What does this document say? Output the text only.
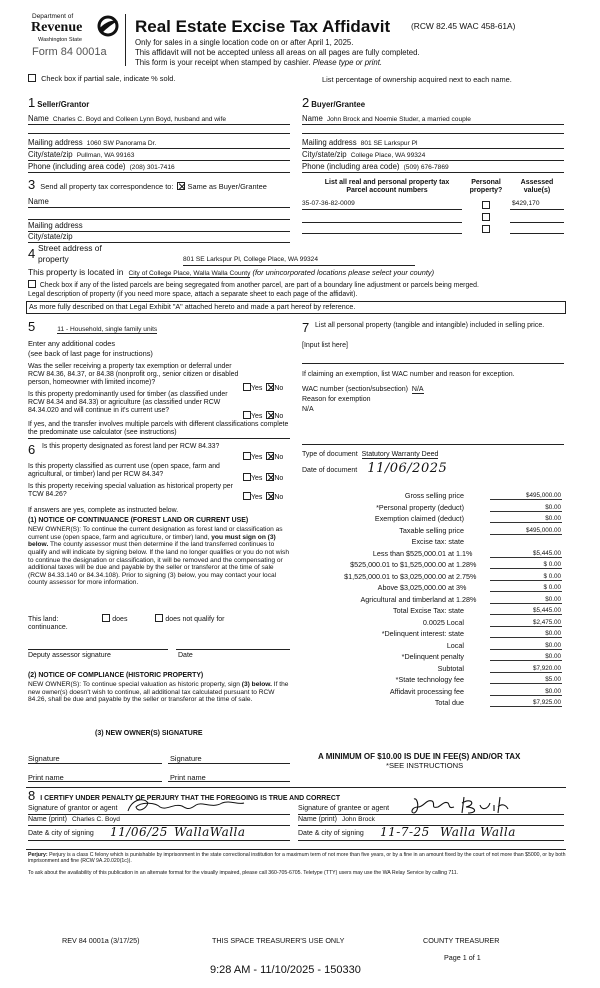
Department of
Revenue
Washington State
Form 84 0001a
Real Estate Excise Tax Affidavit (RCW 82.45 WAC 458-61A)
Only for sales in a single location code on or after April 1, 2025.
This affidavit will not be accepted unless all areas on all pages are fully completed.
This form is your receipt when stamped by cashier. Please type or print.
Check box if partial sale, indicate % sold.	List percentage of ownership acquired next to each name.
1 Seller/Grantor
Name Charles C. Boyd and Colleen Lynn Boyd, husband and wife
Mailing address 1060 SW Panorama Dr.
City/state/zip Pullman, WA 99163
Phone (including area code) (208) 301-7416
2 Buyer/Grantee
Name John Brock and Noemie Studer, a married couple
Mailing address 801 SE Larkspur Pl
City/state/zip College Place, WA 99324
Phone (including area code) (509) 676-7869
3 Send all property tax correspondence to: Same as Buyer/Grantee
Name
Mailing address
City/state/zip
List all real and personal property tax
Parcel account numbers
Personal
property?
Assessed
value(s)
35-07-36-82-0009	$429,170
4 Street address of
property	801 SE Larkspur Pl, College Place, WA 99324
This property is located in City of College Place, Walla Walla County (for unincorporated locations please select your county)
Check box if any of the listed parcels are being segregated from another parcel, are part of a boundary line adjustment or parcels being merged.
Legal description of property (if you need more space, attach a separate sheet to each page of the affidavit).
As more fully described on that Legal Exhibit "A" attached hereto and made a part hereof by reference.
5	11 - Household, single family units
Enter any additional codes
(see back of last page for instructions)
Was the seller receiving a property tax exemption or deferral under RCW 84.36, 84.37, or 84.38 (nonprofit org., senior citizen or disabled person, homeowner with limited income)?
Yes No
Is this property predominantly used for timber (as classified under RCW 84.34 and 84.33) or agriculture (as classified under RCW 84.34.020 and will continue in it's current use?
Yes No
If yes, and the transfer involves multiple parcels with different classifications complete the predominate use calculator (see instructions)
6 Is this property designated as forest land per RCW 84.33?
Yes No
Is this property classified as current use (open space, farm and agricultural, or timber) land per RCW 84.34?
Yes No
Is this property receiving special valuation as historical property per TCW 84.26?	Yes No
If answers are yes, complete as instructed below.
(1) NOTICE OF CONTINUANCE (FOREST LAND OR CURRENT USE)
NEW OWNER(S): To continue the current designation as forest land or classification as current use (open space, farm and agriculture, or timber) land, you must sign on (3) below. The county assessor must then determine if the land transferred continues to qualify and will indicate by signing below. If the land no longer qualifies or you do not wish to continue the designation or classification, it will be removed and the compensating or additional taxes will be due and payable by the seller or transferor at the time of sale (RCW 84.33.140 or 84.34.108). Prior to signing (3) below, you may contact your local county assessor for more information.
This land:	does	does not qualify for
continuance.
Deputy assessor signature	Date
(2) NOTICE OF COMPLIANCE (HISTORIC PROPERTY)
NEW OWNER(S): To continue special valuation as historic property, sign (3) below. If the new owner(s) doesn't wish to continue, all additional tax calculated pursuant to RCW 84.26, shall be due and payable by the seller or transferor at the time of sale.
(3) NEW OWNER(S) SIGNATURE
Signature	Signature
Print name	Print name
7 List all personal property (tangible and intangible) included in selling price.
[Input list here]
If claiming an exemption, list WAC number and reason for exception.
WAC number (section/subsection) N/A
Reason for exemption
N/A
Type of document Statutory Warranty Deed
Date of document 11/06/2025
Gross selling price	$495,000.00
*Personal property (deduct)	$0.00
Exemption claimed (deduct)	$0.00
Taxable selling price	$495,000.00
Excise tax: state
Less than $525,000.01 at 1.1%	$5,445.00
$525,000.01 to $1,525,000.00 at 1.28%	$ 0.00
$1,525,000.01 to $3,025,000.00 at 2.75%	$ 0.00
Above $3,025,000.00 at 3%	$ 0.00
Agricultural and timberland at 1.28%	$0.00
Total Excise Tax: state	$5,445.00
0.0025 Local	$2,475.00
*Delinquent interest: state	$0.00
Local	$0.00
*Delinquent penalty	$0.00
Subtotal	$7,920.00
*State technology fee	$5.00
Affidavit processing fee	$0.00
Total due	$7,925.00
A MINIMUM OF $10.00 IS DUE IN FEE(S) AND/OR TAX
*SEE INSTRUCTIONS
8 I CERTIFY UNDER PENALTY OF PERJURY THAT THE FOREGOING IS TRUE AND CORRECT
Signature of grantor or agent
Name (print) Charles C. Boyd
Date & city of signing 11/06/25 WallaWalla
Signature of grantee or agent
Name (print) John Brock
Date & city of signing 11-7-25 Walla Walla
Perjury: Perjury is a class C felony which is punishable by imprisonment in the state correctional institution for a maximum term of not more than five years, or by a fine in an amount fixed by the court of not more than $5000, or by both imprisonment and fine (RCW 9A.20.020(1c)).
To ask about the availability of this publication in an alternate format for the visually impaired, please call 360-705-6705. Teletype (TTY) users may use the WA Relay Service by calling 711.
REV 84 0001a (3/17/25)	THIS SPACE TREASURER'S USE ONLY	COUNTY TREASURER
Page 1 of 1
9:28 AM - 11/10/2025 - 150330
